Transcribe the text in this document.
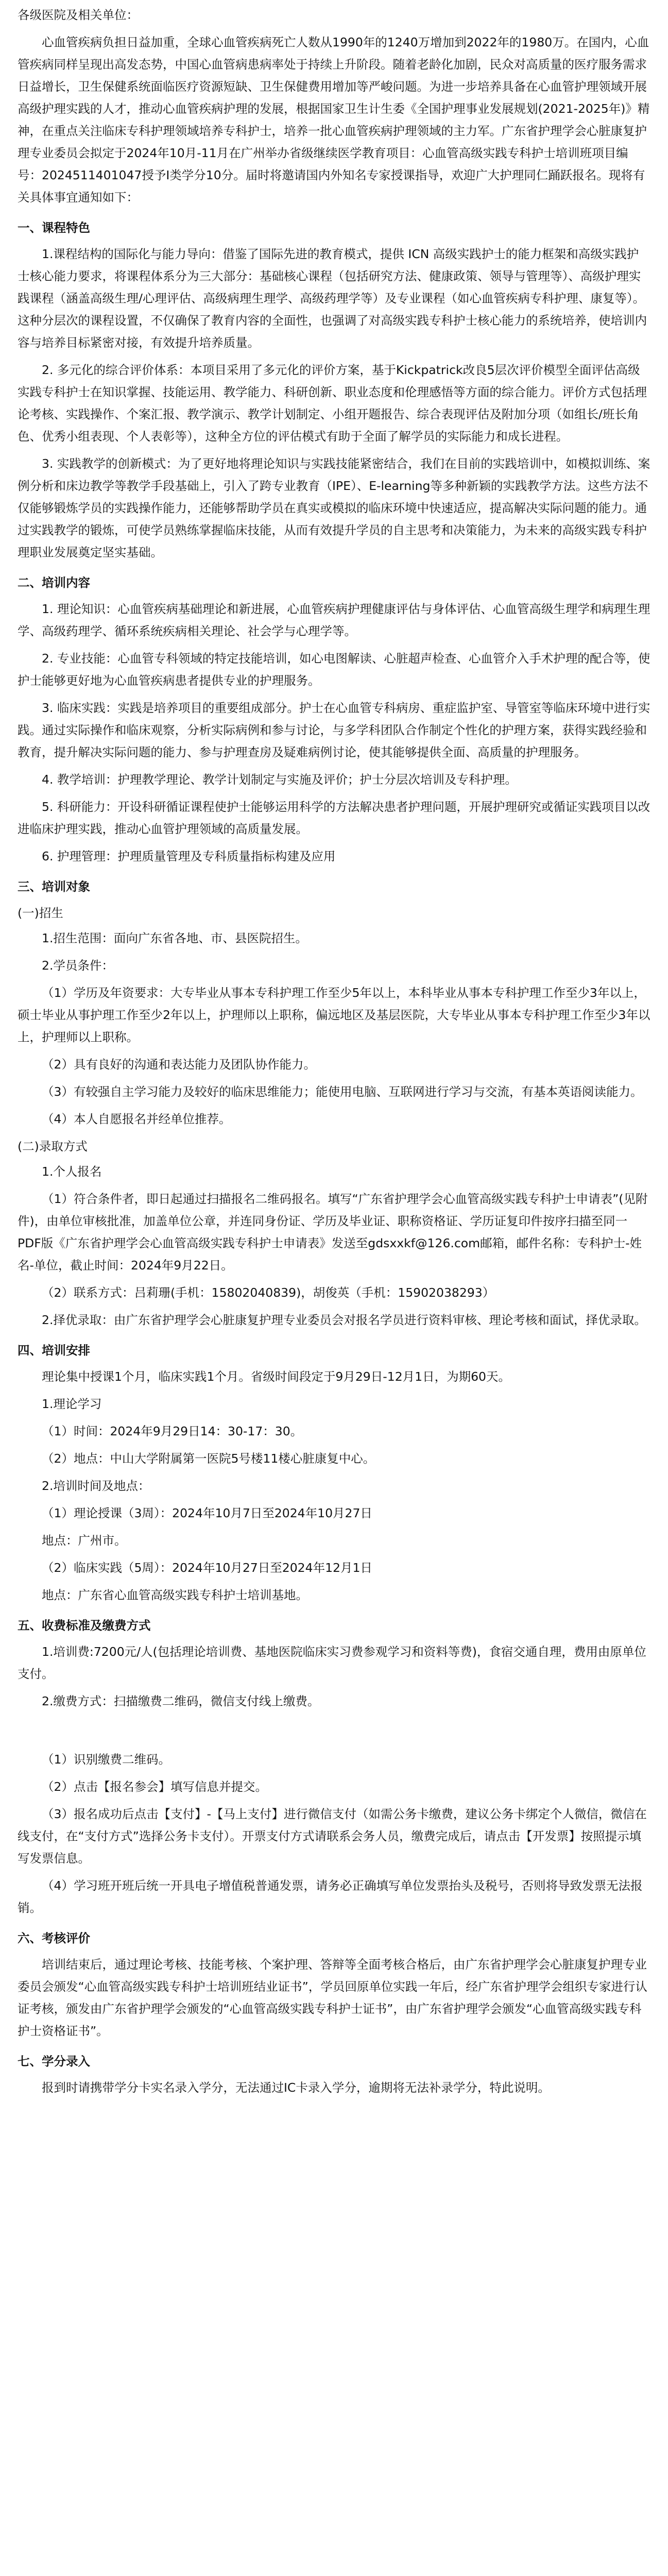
各级医院及相关单位：

心血管疾病负担日益加重，全球心血管疾病死亡人数从1990年的1240万增加到2022年的1980万。在国内，心血管疾病同样呈现出高发态势，中国心血管病患病率处于持续上升阶段。随着老龄化加剧，民众对高质量的医疗服务需求日益增长，卫生保健系统面临医疗资源短缺、卫生保健费用增加等严峻问题。为进一步培养具备在心血管护理领域开展高级护理实践的人才，推动心血管疾病护理的发展，根据国家卫生计生委《全国护理事业发展规划(2021-2025年)》精神，在重点关注临床专科护理领域培养专科护士，培养一批心血管疾病护理领域的主力军。广东省护理学会心脏康复护理专业委员会拟定于2024年10月-11月在广州举办省级继续医学教育项目：心血管高级实践专科护士培训班项目编号：2024511401047授予I类学分10分。届时将邀请国内外知名专家授课指导，欢迎广大护理同仁踊跃报名。现将有关具体事宜通知如下：

一、课程特色

1.课程结构的国际化与能力导向：借鉴了国际先进的教育模式，提供 ICN 高级实践护士的能力框架和高级实践护士核心能力要求，将课程体系分为三大部分：基础核心课程（包括研究方法、健康政策、领导与管理等）、高级护理实践课程（涵盖高级生理/心理评估、高级病理生理学、高级药理学等）及专业课程（如心血管疾病专科护理、康复等）。这种分层次的课程设置，不仅确保了教育内容的全面性，也强调了对高级实践专科护士核心能力的系统培养，使培训内容与培养目标紧密对接，有效提升培养质量。

2. 多元化的综合评价体系：本项目采用了多元化的评价方案，基于Kickpatrick改良5层次评价模型全面评估高级实践专科护士在知识掌握、技能运用、教学能力、科研创新、职业态度和伦理感悟等方面的综合能力。评价方式包括理论考核、实践操作、个案汇报、教学演示、教学计划制定、小组开题报告、综合表现评估及附加分项（如组长/班长角色、优秀小组表现、个人表彰等），这种全方位的评估模式有助于全面了解学员的实际能力和成长进程。

3. 实践教学的创新模式：为了更好地将理论知识与实践技能紧密结合，我们在目前的实践培训中，如模拟训练、案例分析和床边教学等教学手段基础上，引入了跨专业教育（IPE）、E-learning等多种新颖的实践教学方法。这些方法不仅能够锻炼学员的实践操作能力，还能够帮助学员在真实或模拟的临床环境中快速适应，提高解决实际问题的能力。通过实践教学的锻炼，可使学员熟练掌握临床技能，从而有效提升学员的自主思考和决策能力，为未来的高级实践专科护理职业发展奠定坚实基础。

二、培训内容

1. 理论知识：心血管疾病基础理论和新进展，心血管疾病护理健康评估与身体评估、心血管高级生理学和病理生理学、高级药理学、循环系统疾病相关理论、社会学与心理学等。

2. 专业技能：心血管专科领域的特定技能培训，如心电图解读、心脏超声检查、心血管介入手术护理的配合等，使护士能够更好地为心血管疾病患者提供专业的护理服务。

3. 临床实践：实践是培养项目的重要组成部分。护士在心血管专科病房、重症监护室、导管室等临床环境中进行实践。通过实际操作和临床观察，分析实际病例和参与讨论，与多学科团队合作制定个性化的护理方案，获得实践经验和教育，提升解决实际问题的能力、参与护理查房及疑难病例讨论，使其能够提供全面、高质量的护理服务。

4. 教学培训：护理教学理论、教学计划制定与实施及评价；护士分层次培训及专科护理。

5. 科研能力：开设科研循证课程使护士能够运用科学的方法解决患者护理问题，开展护理研究或循证实践项目以改进临床护理实践，推动心血管护理领域的高质量发展。

6. 护理管理：护理质量管理及专科质量指标构建及应用

三、培训对象

(一)招生

1.招生范围：面向广东省各地、市、县医院招生。

2.学员条件：

（1）学历及年资要求：大专毕业从事本专科护理工作至少5年以上，本科毕业从事本专科护理工作至少3年以上，硕士毕业从事护理工作至少2年以上，护理师以上职称，偏远地区及基层医院，大专毕业从事本专科护理工作至少3年以上，护理师以上职称。

（2）具有良好的沟通和表达能力及团队协作能力。

（3）有较强自主学习能力及较好的临床思维能力；能使用电脑、互联网进行学习与交流，有基本英语阅读能力。

（4）本人自愿报名并经单位推荐。

(二)录取方式

1.个人报名

（1）符合条件者，即日起通过扫描报名二维码报名。填写“广东省护理学会心血管高级实践专科护士申请表”(见附件)，由单位审核批准，加盖单位公章，并连同身份证、学历及毕业证、职称资格证、学历证复印件按序扫描至同一PDF版《广东省护理学会心血管高级实践专科护士申请表》发送至gdsxxkf@126.com邮箱，邮件名称：专科护士-姓名-单位，截止时间：2024年9月22日。

（2）联系方式：吕莉珊(手机：15802040839)，胡俊英（手机：15902038293）

2.择优录取：由广东省护理学会心脏康复护理专业委员会对报名学员进行资料审核、理论考核和面试，择优录取。

四、培训安排

理论集中授课1个月，临床实践1个月。省级时间段定于9月29日-12月1日，为期60天。

1.理论学习

（1）时间：2024年9月29日14：30-17：30。

（2）地点：中山大学附属第一医院5号楼11楼心脏康复中心。

2.培训时间及地点：

（1）理论授课（3周）：2024年10月7日至2024年10月27日

地点：广州市。

（2）临床实践（5周）：2024年10月27日至2024年12月1日

地点：广东省心血管高级实践专科护士培训基地。

五、收费标准及缴费方式

1.培训费:7200元/人(包括理论培训费、基地医院临床实习费参观学习和资料等费)，食宿交通自理，费用由原单位支付。

2.缴费方式：扫描缴费二维码，微信支付线上缴费。

（1）识别缴费二维码。

（2）点击【报名参会】填写信息并提交。

（3）报名成功后点击【支付】-【马上支付】进行微信支付（如需公务卡缴费，建议公务卡绑定个人微信，微信在线支付，在“支付方式”选择公务卡支付）。开票支付方式请联系会务人员，缴费完成后，请点击【开发票】按照提示填写发票信息。

（4）学习班开班后统一开具电子增值税普通发票，请务必正确填写单位发票抬头及税号，否则将导致发票无法报销。

六、考核评价

培训结束后，通过理论考核、技能考核、个案护理、答辩等全面考核合格后，由广东省护理学会心脏康复护理专业委员会颁发“心血管高级实践专科护士培训班结业证书”，学员回原单位实践一年后，经广东省护理学会组织专家进行认证考核，颁发由广东省护理学会颁发的“心血管高级实践专科护士证书”，由广东省护理学会颁发“心血管高级实践专科护士资格证书”。

七、学分录入

报到时请携带学分卡实名录入学分，无法通过IC卡录入学分，逾期将无法补录学分，特此说明。
